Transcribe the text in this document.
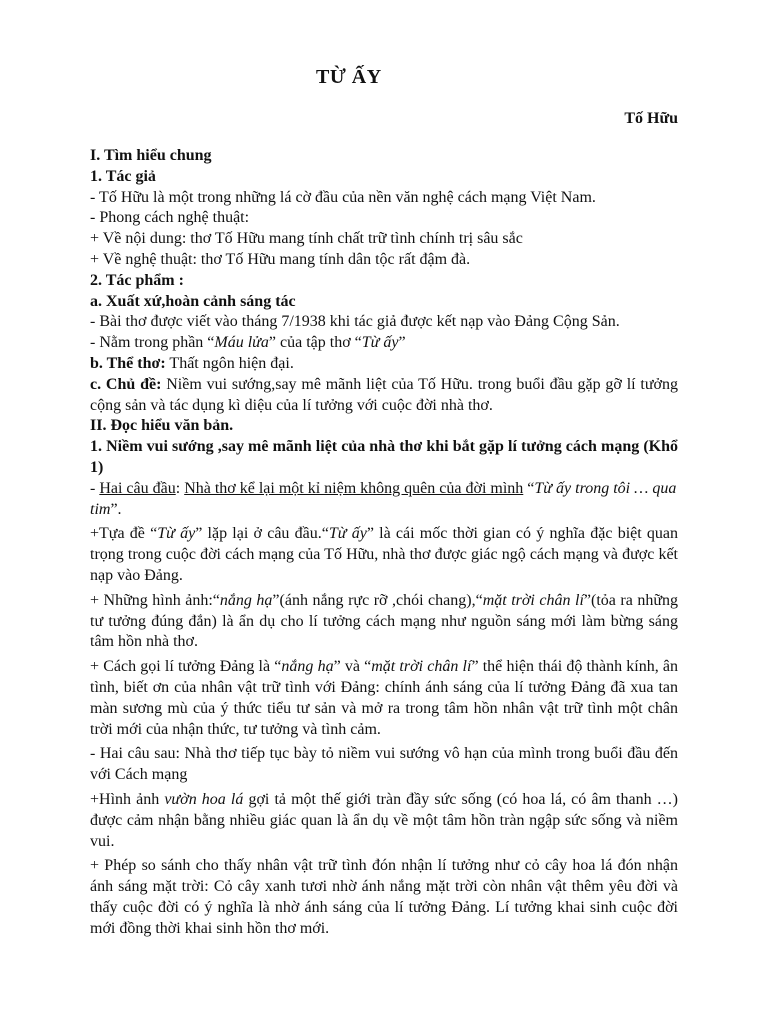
TỪ ẤY
Tố Hữu

I. Tìm hiểu chung

1. Tác giả

- Tố Hữu là một trong những lá cờ đầu của nền văn nghệ cách mạng Việt Nam.

- Phong cách nghệ thuật:

+ Về nội dung: thơ Tố Hữu mang tính chất trữ tình chính trị sâu sắc

+ Về nghệ thuật: thơ Tố Hữu mang tính dân tộc rất đậm đà.

2. Tác phẩm :

a. Xuất xứ,hoàn cảnh sáng tác

- Bài thơ được viết vào tháng 7/1938 khi tác giả được kết nạp vào Đảng Cộng Sản.

- Nằm trong phần “Máu lửa” của tập thơ “Từ ấy”

b. Thể thơ: Thất ngôn hiện đại.

c. Chủ đề: Niềm vui sướng,say mê mãnh liệt của Tố Hữu. trong buổi đầu gặp gỡ lí tưởng cộng sản và tác dụng kì diệu của lí tưởng với cuộc đời nhà thơ.

II. Đọc hiểu văn bản.

1. Niềm vui sướng ,say mê mãnh liệt của nhà thơ khi bắt gặp lí tưởng cách mạng (Khổ 1)

- Hai câu đầu: Nhà thơ kể lại một kỉ niệm không quên của đời mình “Từ ấy trong tôi … qua tim”.

+Tựa đề “Từ ấy” lặp lại ở câu đầu.“Từ ấy” là cái mốc thời gian có ý nghĩa đặc biệt quan trọng trong cuộc đời cách mạng của Tố Hữu, nhà thơ được giác ngộ cách mạng và được kết nạp vào Đảng.

+ Những hình ảnh:“nắng hạ”(ánh nắng rực rỡ ,chói chang),“mặt trời chân lí”(tỏa ra những tư tưởng đúng đắn) là ẩn dụ cho lí tưởng cách mạng như nguồn sáng mới làm bừng sáng tâm hồn nhà thơ.

+ Cách gọi lí tưởng Đảng là “nắng hạ” và “mặt trời chân lí” thể hiện thái độ thành kính, ân tình, biết ơn của nhân vật trữ tình với Đảng: chính ánh sáng của lí tưởng Đảng đã xua tan màn sương mù của ý thức tiểu tư sản và mở ra trong tâm hồn nhân vật trữ tình một chân trời mới của nhận thức, tư tưởng và tình cảm.

- Hai câu sau: Nhà thơ tiếp tục bày tỏ niềm vui sướng vô hạn của mình trong buổi đầu đến với Cách mạng

+Hình ảnh vườn hoa lá gợi tả một thế giới tràn đầy sức sống (có hoa lá, có âm thanh …) được cảm nhận bằng nhiều giác quan là ẩn dụ về một tâm hồn tràn ngập sức sống và niềm vui.

+ Phép so sánh cho thấy nhân vật trữ tình đón nhận lí tưởng như cỏ cây hoa lá đón nhận ánh sáng mặt trời: Cỏ cây xanh tươi nhờ ánh nắng mặt trời còn nhân vật thêm yêu đời và thấy cuộc đời có ý nghĩa là nhờ ánh sáng của lí tưởng Đảng. Lí tưởng khai sinh cuộc đời mới đồng thời khai sinh hồn thơ mới.
